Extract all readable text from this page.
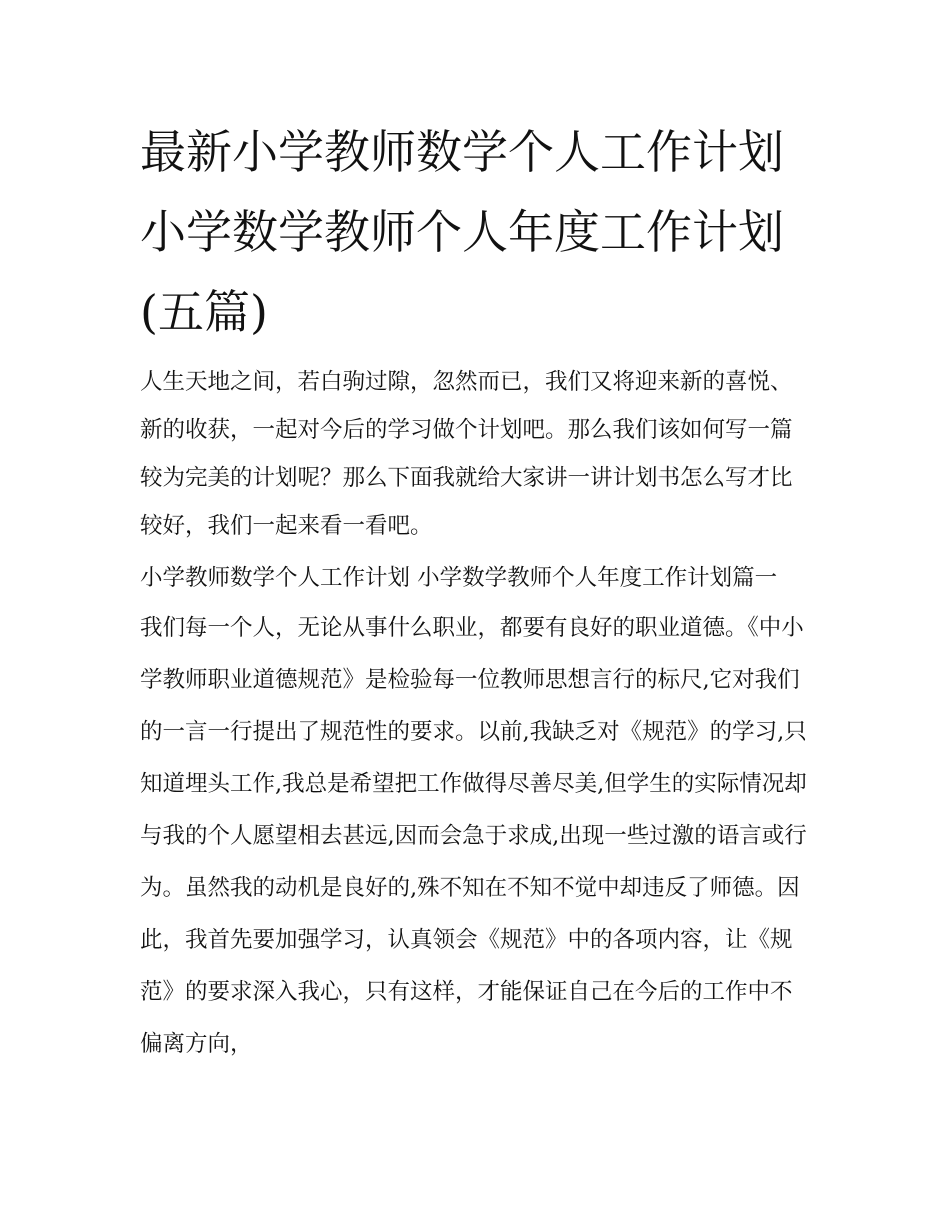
最新小学教师数学个人工作计划 小学数学教师个人年度工作计划(五篇)

人生天地之间，若白驹过隙，忽然而已，我们又将迎来新的喜悦、新的收获，一起对今后的学习做个计划吧。那么我们该如何写一篇较为完美的计划呢？那么下面我就给大家讲一讲计划书怎么写才比较好，我们一起来看一看吧。

小学教师数学个人工作计划 小学数学教师个人年度工作计划篇一

我们每一个人，无论从事什么职业，都要有良好的职业道德。《中小学教师职业道德规范》是检验每一位教师思想言行的标尺,它对我们的一言一行提出了规范性的要求。以前,我缺乏对《规范》的学习,只知道埋头工作,我总是希望把工作做得尽善尽美,但学生的实际情况却与我的个人愿望相去甚远,因而会急于求成,出现一些过激的语言或行为。虽然我的动机是良好的,殊不知在不知不觉中却违反了师德。因此，我首先要加强学习，认真领会《规范》中的各项内容，让《规范》的要求深入我心，只有这样，才能保证自己在今后的工作中不偏离方向，
